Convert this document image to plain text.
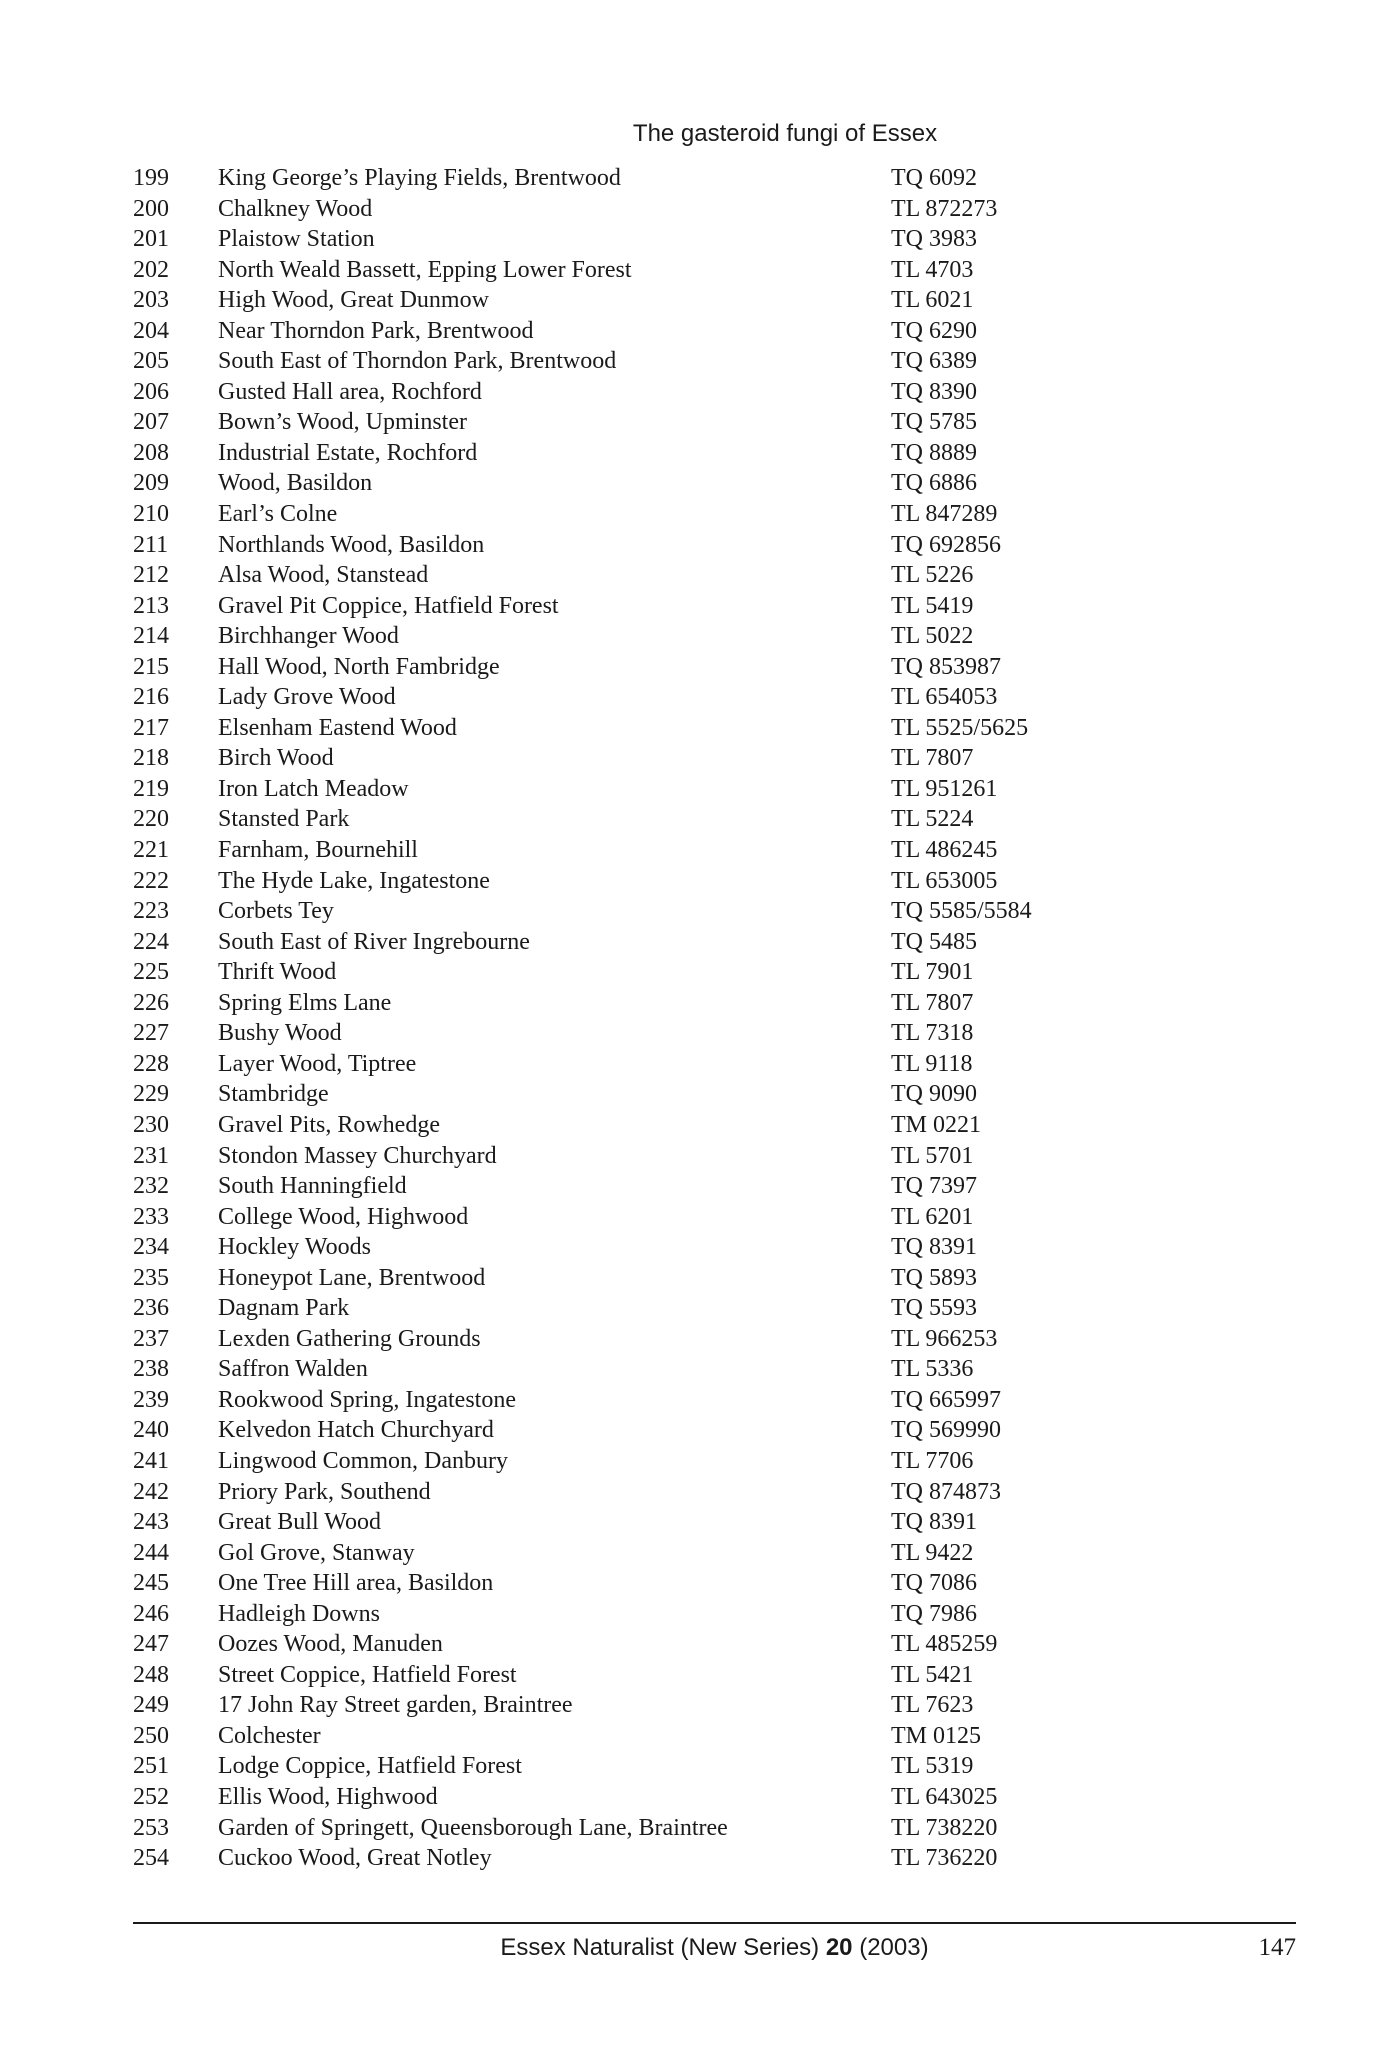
The gasteroid fungi of Essex
199	King George’s Playing Fields, Brentwood	TQ 6092
200	Chalkney Wood	TL 872273
201	Plaistow Station	TQ 3983
202	North Weald Bassett, Epping Lower Forest	TL 4703
203	High Wood, Great Dunmow	TL 6021
204	Near Thorndon Park, Brentwood	TQ 6290
205	South East of Thorndon Park, Brentwood	TQ 6389
206	Gusted Hall area, Rochford	TQ 8390
207	Bown’s Wood, Upminster	TQ 5785
208	Industrial Estate, Rochford	TQ 8889
209	Wood, Basildon	TQ 6886
210	Earl’s Colne	TL 847289
211	Northlands Wood, Basildon	TQ 692856
212	Alsa Wood, Stanstead	TL 5226
213	Gravel Pit Coppice, Hatfield Forest	TL 5419
214	Birchhanger Wood	TL 5022
215	Hall Wood, North Fambridge	TQ 853987
216	Lady Grove Wood	TL 654053
217	Elsenham Eastend Wood	TL 5525/5625
218	Birch Wood	TL 7807
219	Iron Latch Meadow	TL 951261
220	Stansted Park	TL 5224
221	Farnham, Bournehill	TL 486245
222	The Hyde Lake, Ingatestone	TL 653005
223	Corbets Tey	TQ 5585/5584
224	South East of River Ingrebourne	TQ 5485
225	Thrift Wood	TL 7901
226	Spring Elms Lane	TL 7807
227	Bushy Wood	TL 7318
228	Layer Wood, Tiptree	TL 9118
229	Stambridge	TQ 9090
230	Gravel Pits, Rowhedge	TM 0221
231	Stondon Massey Churchyard	TL 5701
232	South Hanningfield	TQ 7397
233	College Wood, Highwood	TL 6201
234	Hockley Woods	TQ 8391
235	Honeypot Lane, Brentwood	TQ 5893
236	Dagnam Park	TQ 5593
237	Lexden Gathering Grounds	TL 966253
238	Saffron Walden	TL 5336
239	Rookwood Spring, Ingatestone	TQ 665997
240	Kelvedon Hatch Churchyard	TQ 569990
241	Lingwood Common, Danbury	TL 7706
242	Priory Park, Southend	TQ 874873
243	Great Bull Wood	TQ 8391
244	Gol Grove, Stanway	TL 9422
245	One Tree Hill area, Basildon	TQ 7086
246	Hadleigh Downs	TQ 7986
247	Oozes Wood, Manuden	TL 485259
248	Street Coppice, Hatfield Forest	TL 5421
249	17 John Ray Street garden, Braintree	TL 7623
250	Colchester	TM 0125
251	Lodge Coppice, Hatfield Forest	TL 5319
252	Ellis Wood, Highwood	TL 643025
253	Garden of Springett, Queensborough Lane, Braintree	TL 738220
254	Cuckoo Wood, Great Notley	TL 736220
Essex Naturalist (New Series) 20 (2003)	147
